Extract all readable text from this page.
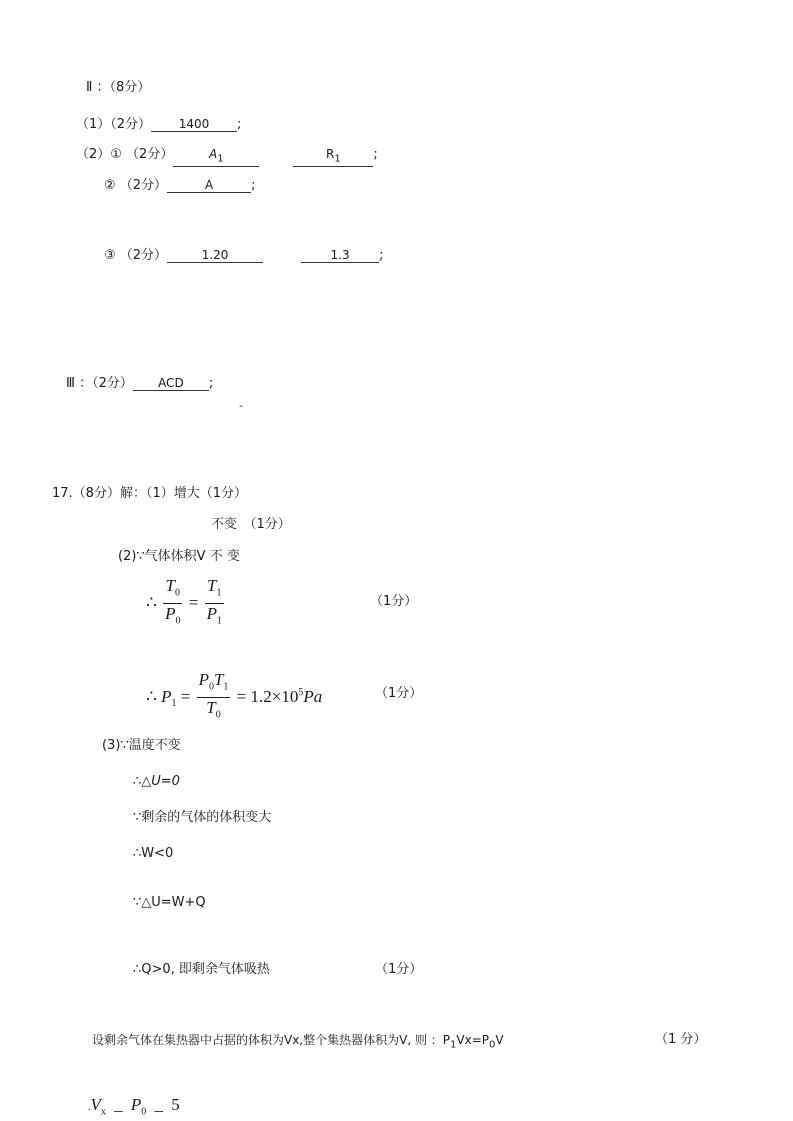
Ⅱ ：（8分）
（1）（2分） 1400 ;
（2）① （2分）	$A_1$	$R_1$	;
② （2分）	A	;
③ （2分）	1.20	1.3 ;
Ⅲ ：（2分） ACD ;
-
17.（8分）解：（1）增大（1分）
不变　（1分）
(2)∵气体体积V 不 变
∴ $\frac{T_0}{P_0} = \frac{T_1}{P_1}$	（1分）
∴ $P_1 = \frac{P_0T_1}{T_0} = 1.2\times 10^5Pa$	（1分）
(3)∵温度不变
∴△U=0
∵剩余的气体的体积变大
∴W<0
∵△U=W+Q
∴Q>0, 即剩余气体吸热	（1分）
设剩余气体在集热器中占据的体积为Vx,整个集热器体积为V, 则 ：$P_1Vx=P_0V$	（1 分）
$.V_x$ _ $P_0$ _ 5
